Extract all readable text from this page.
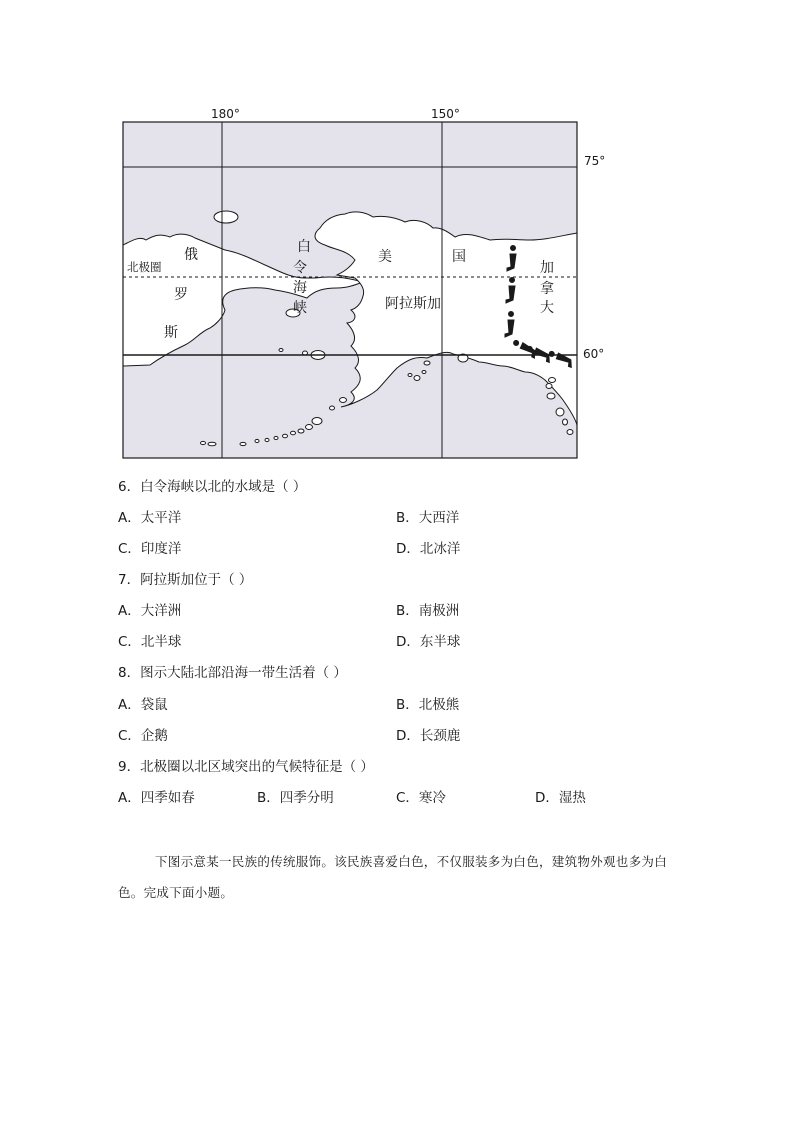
180°	150°
75°
60°
北极圈
俄
罗
斯
白
令
海
峡
美	国
阿拉斯加
加
拿
大
6．白令海峡以北的水域是（ ）
A．太平洋	B．大西洋
C．印度洋	D．北冰洋
7．阿拉斯加位于（ ）
A．大洋洲	B．南极洲
C．北半球	D．东半球
8．图示大陆北部沿海一带生活着（ ）
A．袋鼠	B．北极熊
C．企鹅	D．长颈鹿
9．北极圈以北区域突出的气候特征是（ ）
A．四季如春	B．四季分明	C．寒冷	D．湿热

下图示意某一民族的传统服饰。该民族喜爱白色，不仅服装多为白色，建筑物外观也多为白色。完成下面小题。
